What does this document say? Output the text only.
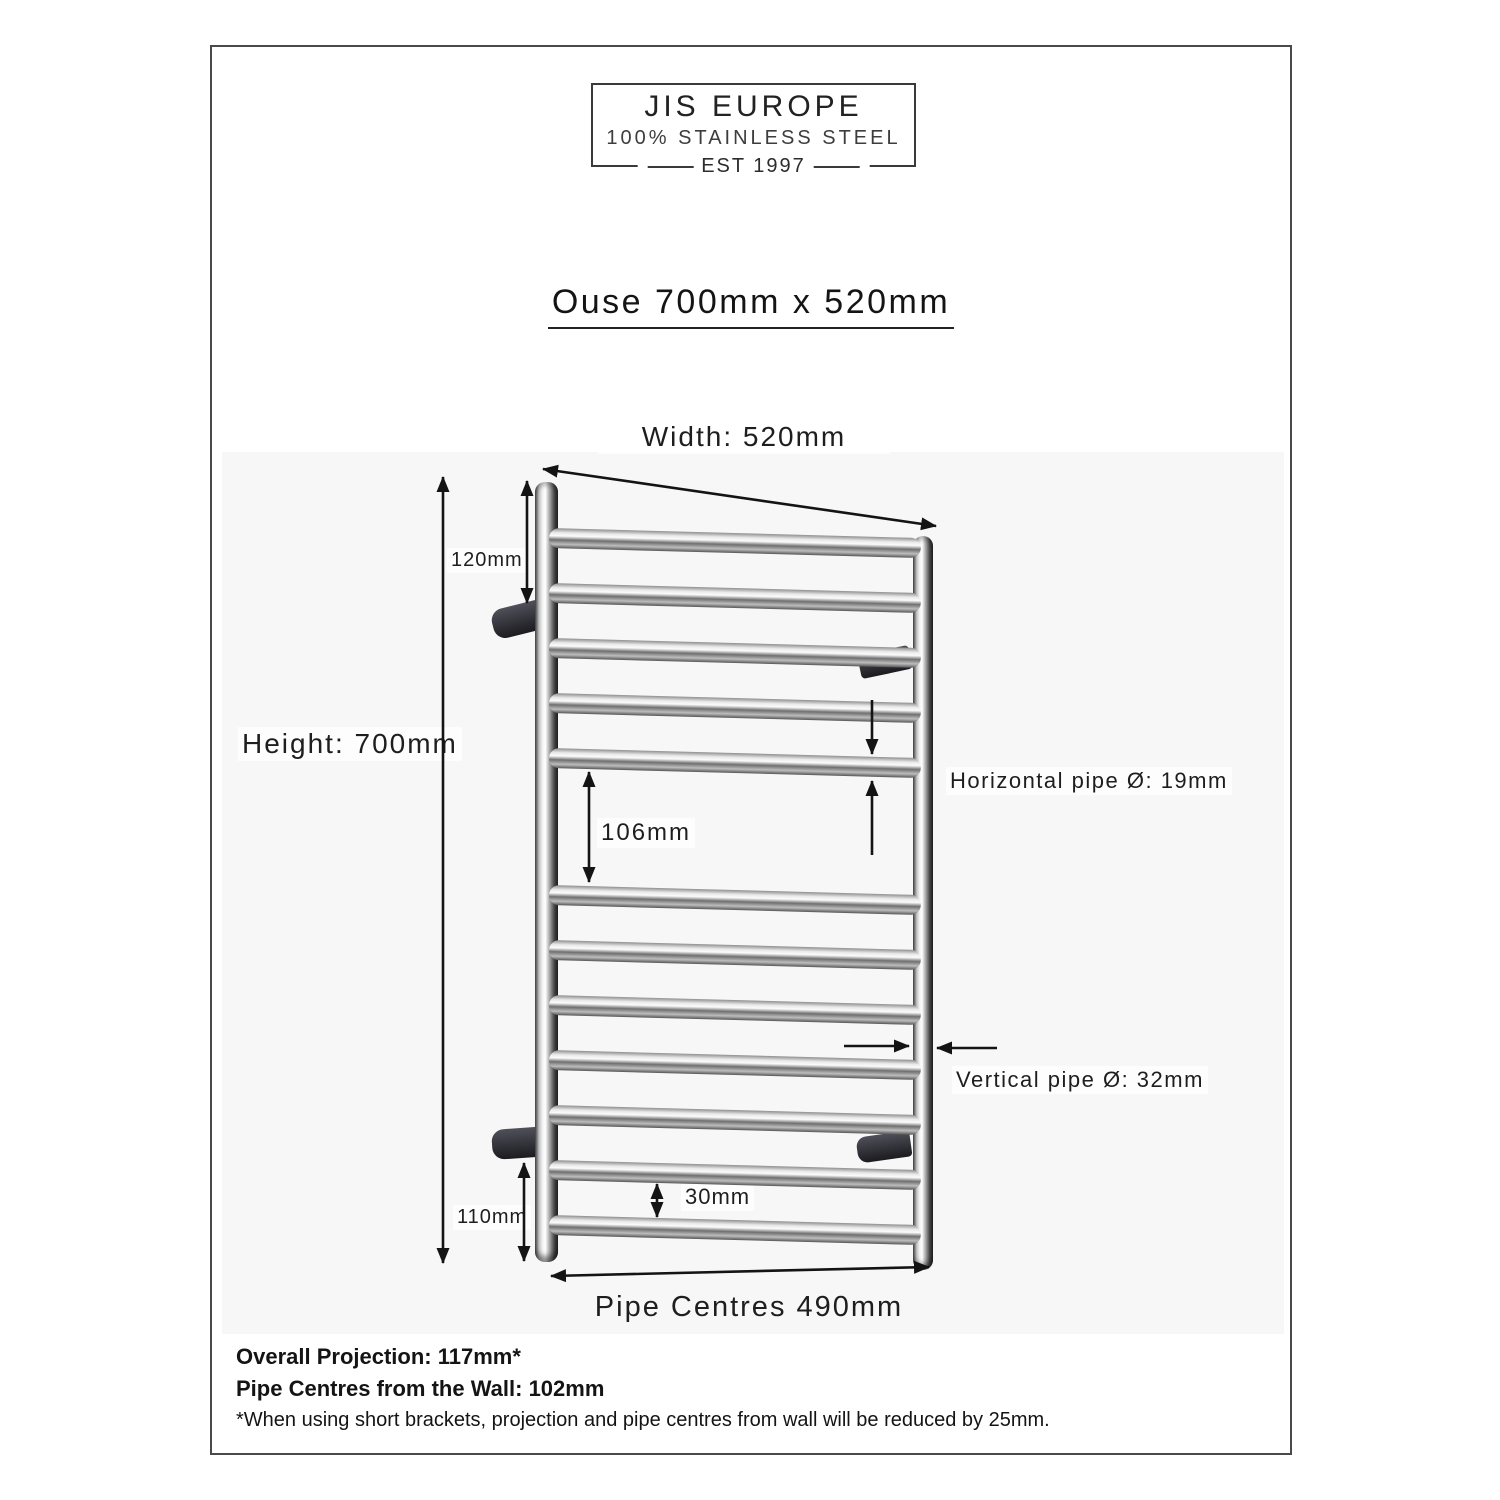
JIS EUROPE
100% STAINLESS STEEL
EST 1997
Ouse 700mm x 520mm
Width: 520mm
Height: 700mm
120mm
106mm
Horizontal pipe Ø: 19mm
Vertical pipe Ø: 32mm
110mm
30mm
Pipe Centres 490mm
Overall Projection: 117mm*
Pipe Centres from the Wall: 102mm
*When using short brackets, projection and pipe centres from wall will be reduced by 25mm.
